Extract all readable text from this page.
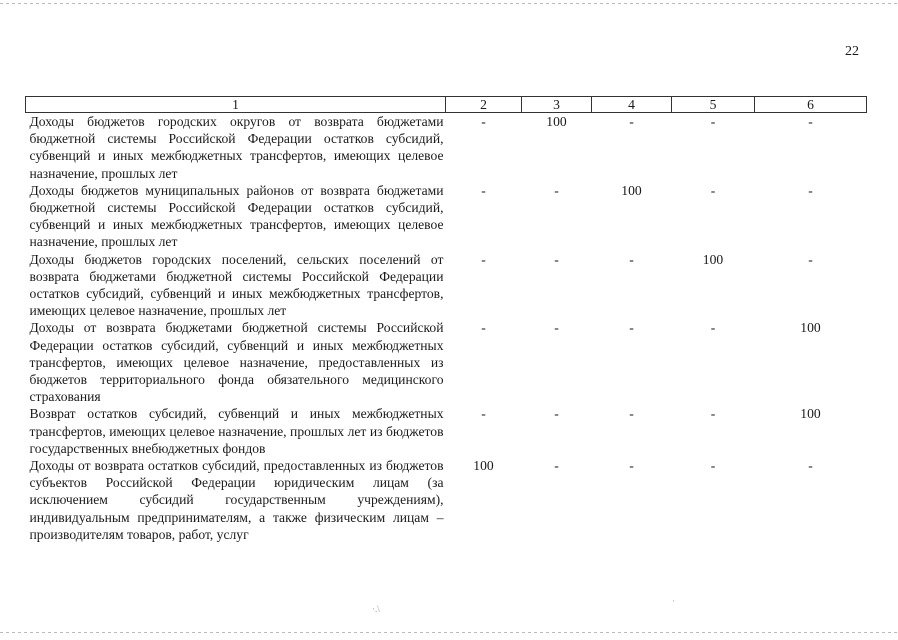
22
1	2	3	4	5	6
Доходы бюджетов городских округов от возврата бюджетами бюджетной системы Российской Федерации остатков субсидий, субвенций и иных межбюджетных трансфертов, имеющих целевое назначение, прошлых лет	-	100	-	-	-
Доходы бюджетов муниципальных районов от возврата бюджетами бюджетной системы Российской Федерации остатков субсидий, субвенций и иных межбюджетных трансфертов, имеющих целевое назначение, прошлых лет	-	-	100	-	-
Доходы бюджетов городских поселений, сельских поселений от возврата бюджетами бюджетной системы Российской Федерации остатков субсидий, субвенций и иных межбюджетных трансфертов, имеющих целевое назначение, прошлых лет	-	-	-	100	-
Доходы от возврата бюджетами бюджетной системы Российской Федерации остатков субсидий, субвенций и иных межбюджетных трансфертов, имеющих целевое назначение, предоставленных из бюджетов территориального фонда обязательного медицинского страхования	-	-	-	-	100
Возврат остатков субсидий, субвенций и иных межбюджетных трансфертов, имеющих целевое назначение, прошлых лет из бюджетов государственных внебюджетных фондов	-	-	-	-	100
Доходы от возврата остатков субсидий, предоставленных из бюджетов субъектов Российской Федерации юридическим лицам (за исключением субсидий государственным учреждениям), индивидуальным предпринимателям, а также физическим лицам – производителям товаров, работ, услуг	100	-	-	-	-
·.\
·
